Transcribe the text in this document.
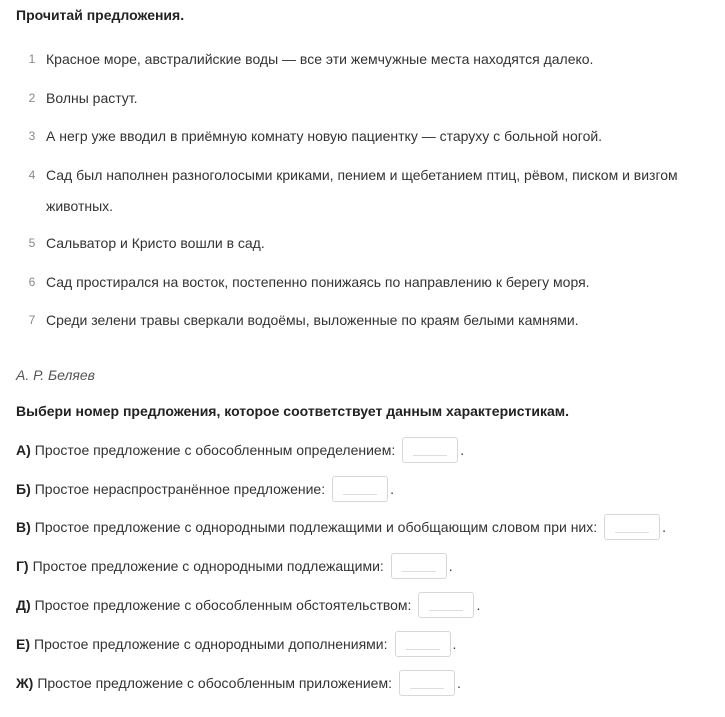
Прочитай предложения.
1 Красное море, австралийские воды — все эти жемчужные места находятся далеко.
2 Волны растут.
3 А негр уже вводил в приёмную комнату новую пациентку — старуху с больной ногой.
4 Сад был наполнен разноголосыми криками, пением и щебетанием птиц, рёвом, писком и визгом животных.
5 Сальватор и Кристо вошли в сад.
6 Сад простирался на восток, постепенно понижаясь по направлению к берегу моря.
7 Среди зелени травы сверкали водоёмы, выложенные по краям белыми камнями.
А. Р. Беляев
Выбери номер предложения, которое соответствует данным характеристикам.
А) Простое предложение с обособленным определением:	.
Б) Простое нераспространённое предложение:	.
В) Простое предложение с однородными подлежащими и обобщающим словом при них:	.
Г) Простое предложение с однородными подлежащими:	.
Д) Простое предложение с обособленным обстоятельством:	.
Е) Простое предложение с однородными дополнениями:	.
Ж) Простое предложение с обособленным приложением:	.
